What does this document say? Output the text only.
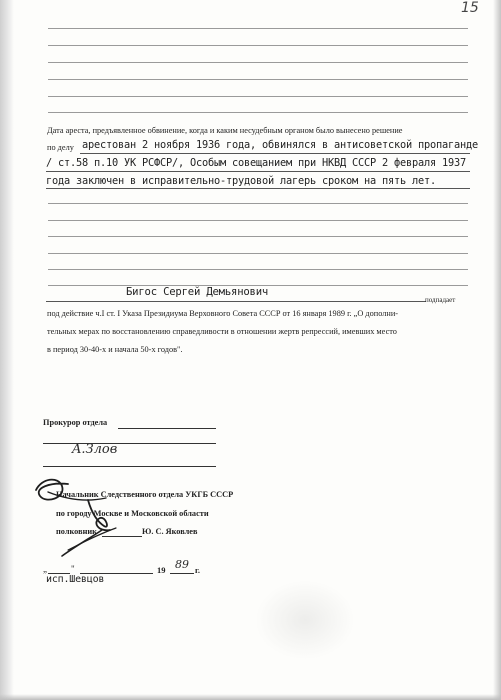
15
Дата ареста, предъявленное обвинение, когда и каким несудебным органом было вынесено решение
по делу арестован 2 ноября 1936 года, обвинялся в антисоветской пропаганде
/ ст.58 п.10 УК РСФСР/, Особым совещанием при НКВД СССР 2 февраля 1937
года заключен в исправительно-трудовой лагерь сроком на пять лет.
Бигос Сергей Демьянович
подпадает
под действие ч.I ст. I Указа Президиума Верховного Совета СССР от 16 января 1989 г. „О дополни-
тельных мерах по восстановлению справедливости в отношении жертв репрессий, имевших место
в период 30-40-х и начала 50-х годов".
Прокурор отдела
A.Злов
Начальник Следственного отдела УКГБ СССР
по городу Москве и Московской области
полковник	Ю. С. Яковлев
„	"	19 89 г.
исп.Шевцов
